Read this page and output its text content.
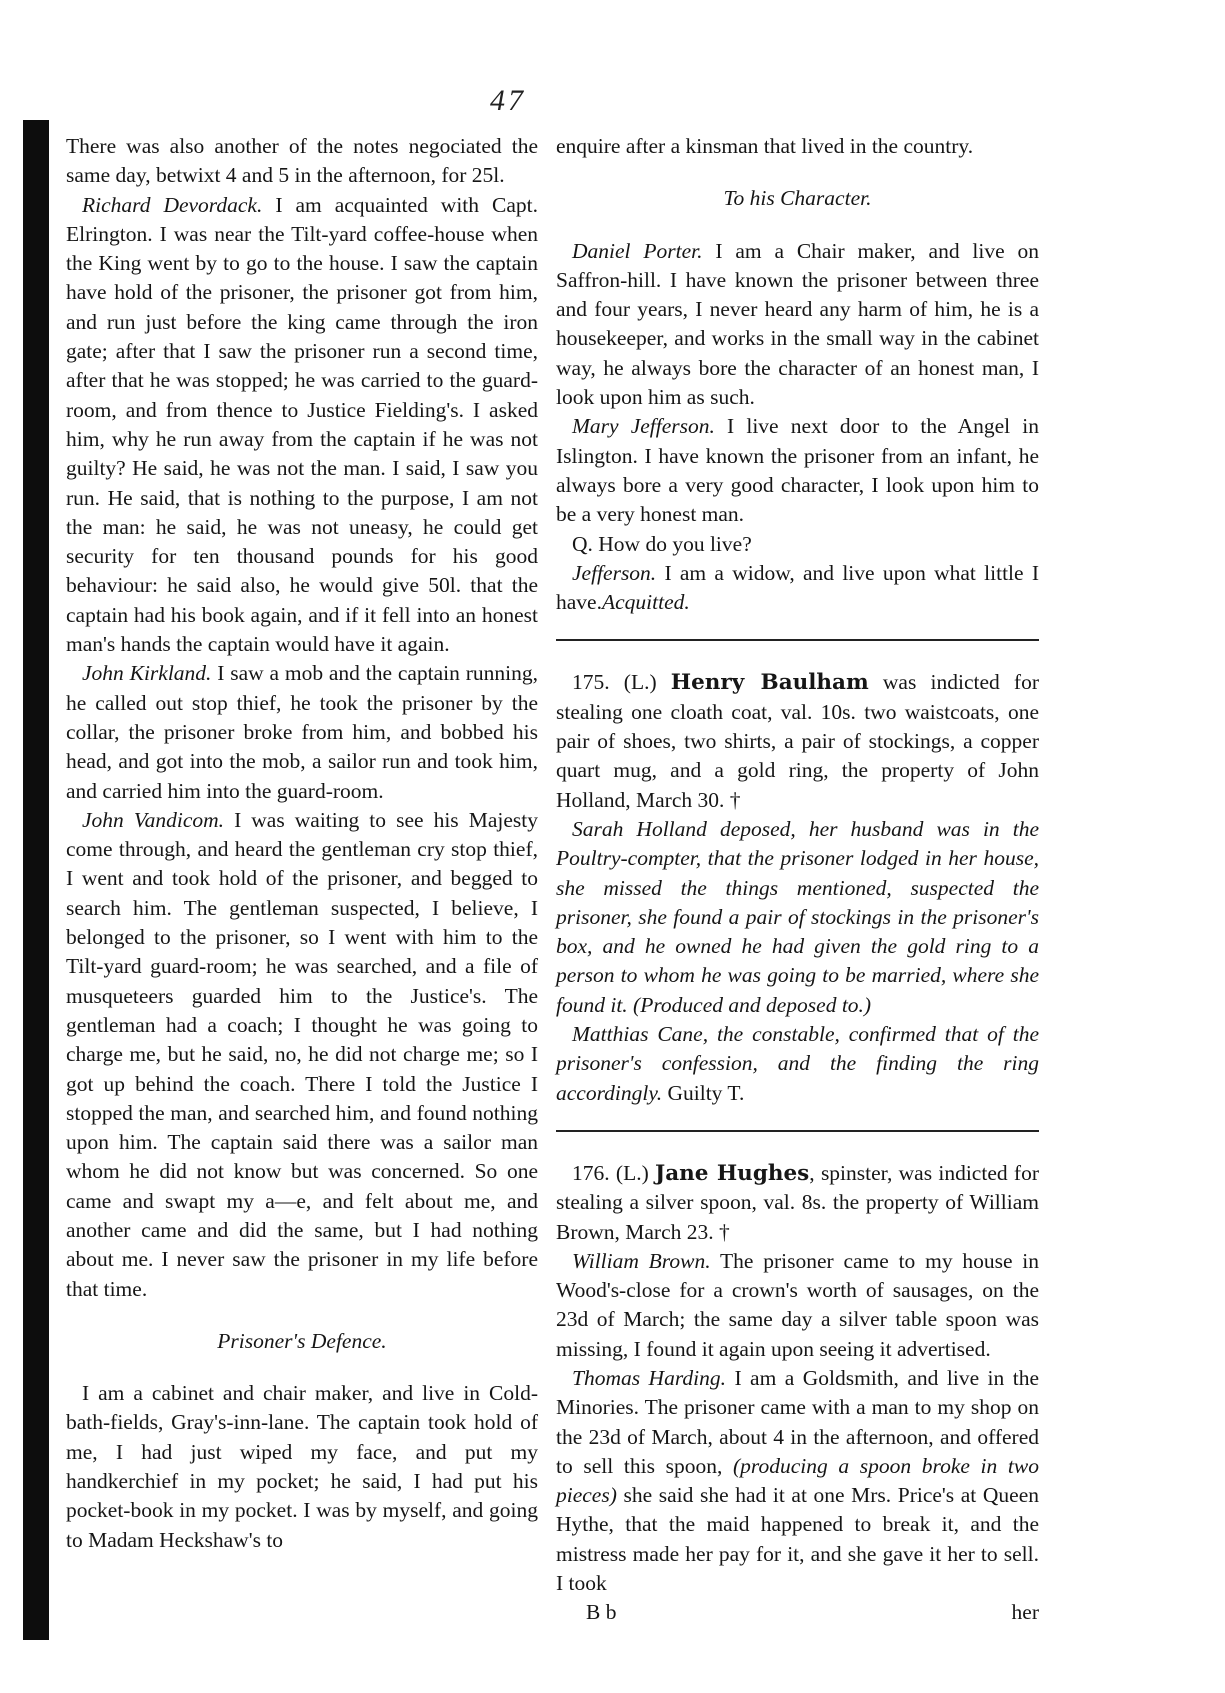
47

There was also another of the notes negociated the same day, betwixt 4 and 5 in the afternoon, for 25l.

Richard Devordack. I am acquainted with Capt. Elrington. I was near the Tilt-yard coffee-house when the King went by to go to the house. I saw the captain have hold of the prisoner, the prisoner got from him, and run just before the king came through the iron gate; after that I saw the prisoner run a second time, after that he was stopped; he was carried to the guard-room, and from thence to Justice Fielding's. I asked him, why he run away from the captain if he was not guilty? He said, he was not the man. I said, I saw you run. He said, that is nothing to the purpose, I am not the man: he said, he was not uneasy, he could get security for ten thousand pounds for his good behaviour: he said also, he would give 50l. that the captain had his book again, and if it fell into an honest man's hands the captain would have it again.

John Kirkland. I saw a mob and the captain running, he called out stop thief, he took the prisoner by the collar, the prisoner broke from him, and bobbed his head, and got into the mob, a sailor run and took him, and carried him into the guard-room.

John Vandicom. I was waiting to see his Majesty come through, and heard the gentleman cry stop thief, I went and took hold of the prisoner, and begged to search him. The gentleman suspected, I believe, I belonged to the prisoner, so I went with him to the Tilt-yard guard-room; he was searched, and a file of musqueteers guarded him to the Justice's. The gentleman had a coach; I thought he was going to charge me, but he said, no, he did not charge me; so I got up behind the coach. There I told the Justice I stopped the man, and searched him, and found nothing upon him. The captain said there was a sailor man whom he did not know but was concerned. So one came and swapt my a—e, and felt about me, and another came and did the same, but I had nothing about me. I never saw the prisoner in my life before that time.

Prisoner's Defence.

I am a cabinet and chair maker, and live in Cold-bath-fields, Gray's-inn-lane. The captain took hold of me, I had just wiped my face, and put my handkerchief in my pocket; he said, I had put his pocket-book in my pocket. I was by myself, and going to Madam Heckshaw's to

enquire after a kinsman that lived in the country.

To his Character.

Daniel Porter. I am a Chair maker, and live on Saffron-hill. I have known the prisoner between three and four years, I never heard any harm of him, he is a housekeeper, and works in the small way in the cabinet way, he always bore the character of an honest man, I look upon him as such.

Mary Jefferson. I live next door to the Angel in Islington. I have known the prisoner from an infant, he always bore a very good character, I look upon him to be a very honest man.

Q. How do you live?

Jefferson. I am a widow, and live upon what little I have.Acquitted.

175. (L.) Henry Baulham was indicted for stealing one cloath coat, val. 10s. two waistcoats, one pair of shoes, two shirts, a pair of stockings, a copper quart mug, and a gold ring, the property of John Holland, March 30. †

Sarah Holland deposed, her husband was in the Poultry-compter, that the prisoner lodged in her house, she missed the things mentioned, suspected the prisoner, she found a pair of stockings in the prisoner's box, and he owned he had given the gold ring to a person to whom he was going to be married, where she found it. (Produced and deposed to.)

Matthias Cane, the constable, confirmed that of the prisoner's confession, and the finding the ring accordingly. Guilty T.

176. (L.) Jane Hughes, spinster, was indicted for stealing a silver spoon, val. 8s. the property of William Brown, March 23. †

William Brown. The prisoner came to my house in Wood's-close for a crown's worth of sausages, on the 23d of March; the same day a silver table spoon was missing, I found it again upon seeing it advertised.

Thomas Harding. I am a Goldsmith, and live in the Minories. The prisoner came with a man to my shop on the 23d of March, about 4 in the afternoon, and offered to sell this spoon, (producing a spoon broke in two pieces) she said she had it at one Mrs. Price's at Queen Hythe, that the maid happened to break it, and the mistress made her pay for it, and she gave it her to sell. I took

B b	her
